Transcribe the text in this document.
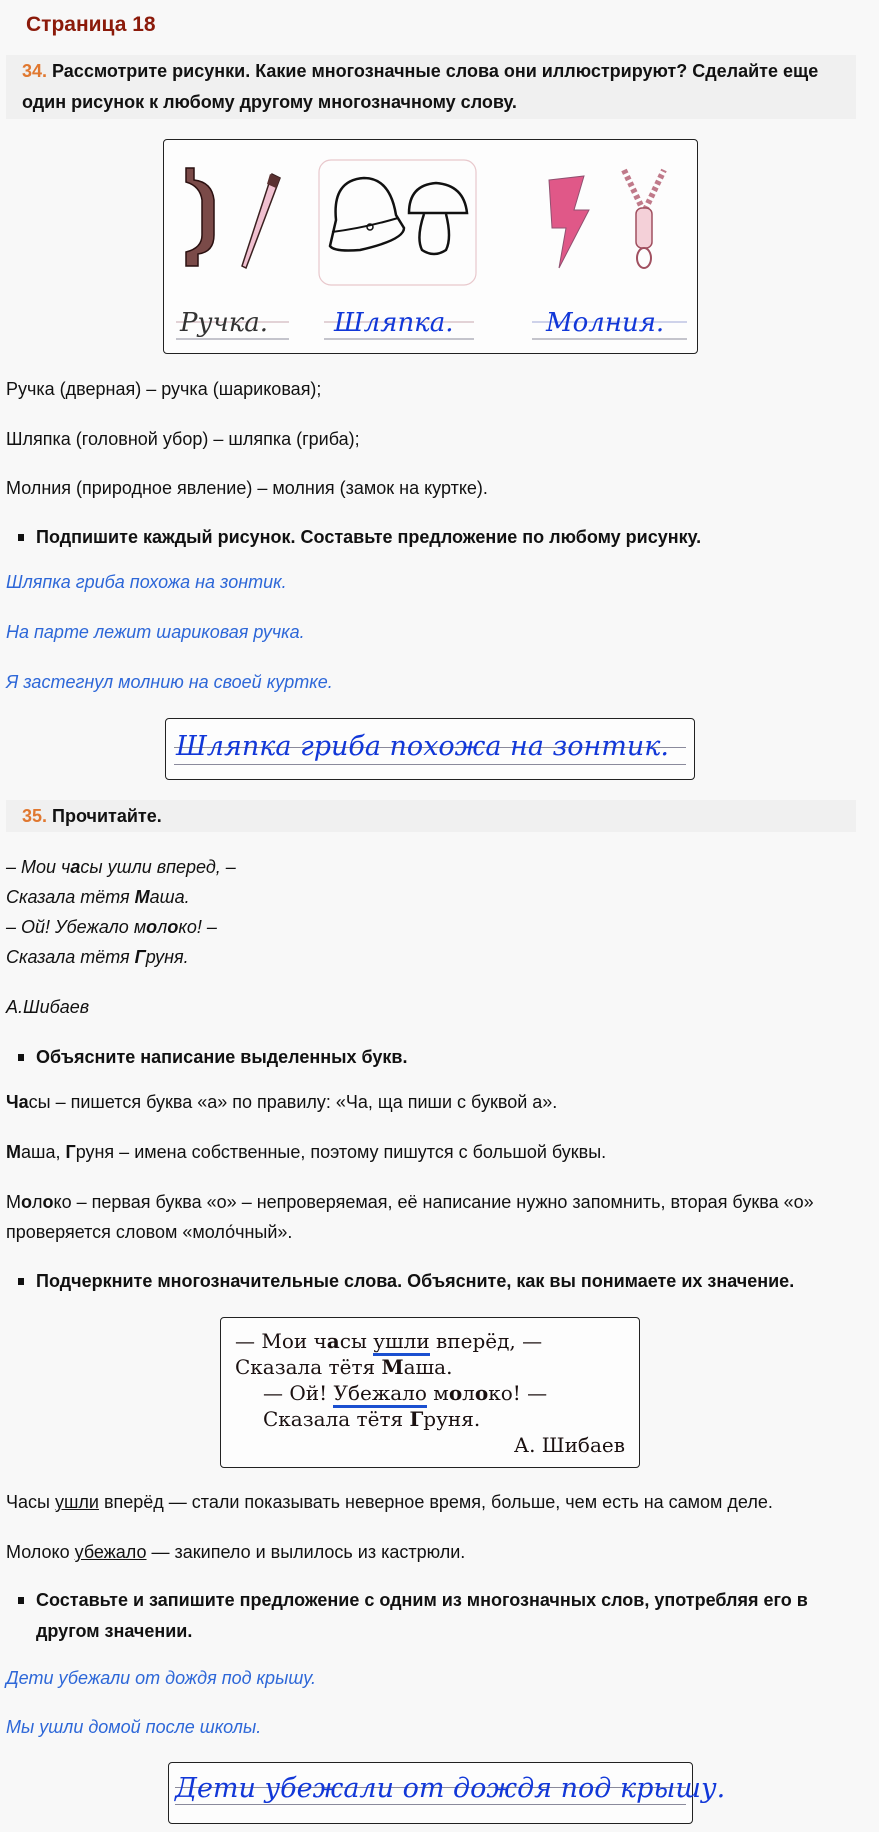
Страница 18
34. Рассмотрите рисунки. Какие многозначные слова они иллюстрируют? Сделайте еще один рисунок к любому другому многозначному слову.
Ручка.	Шляпка.	Молния.

Ручка (дверная) – ручка (шариковая);

Шляпка (головной убор) – шляпка (гриба);

Молния (природное явление) – молния (замок на куртке).

Подпишите каждый рисунок. Составьте предложение по любому рисунку.

Шляпка гриба похожа на зонтик.

На парте лежит шариковая ручка.

Я застегнул молнию на своей куртке.

Шляпка гриба похожа на зонтик.
35. Прочитайте.
– Мои часы ушли вперед, –
Сказала тётя Маша.
– Ой! Убежало молоко! –
Сказала тётя Груня.

А.Шибаев

Объясните написание выделенных букв.

Часы – пишется буква «а» по правилу: «Ча, ща пиши с буквой а».

Маша, Груня – имена собственные, поэтому пишутся с большой буквы.

Молоко – первая буква «о» – непроверяемая, её написание нужно запомнить, вторая буква «о» проверяется словом «моло́чный».

Подчеркните многозначительные слова. Объясните, как вы понимаете их значение.
— Мои часы ушли вперёд, —
Сказала тётя Маша.
— Ой! Убежало молоко! —
Сказала тётя Груня.
А. Шибаев

Часы ушли вперёд — стали показывать неверное время, больше, чем есть на самом деле.

Молоко убежало — закипело и вылилось из кастрюли.

Составьте и запишите предложение с одним из многозначных слов, употребляя его в другом значении.

Дети убежали от дождя под крышу.

Мы ушли домой после школы.

Дети убежали от дождя под крышу.
